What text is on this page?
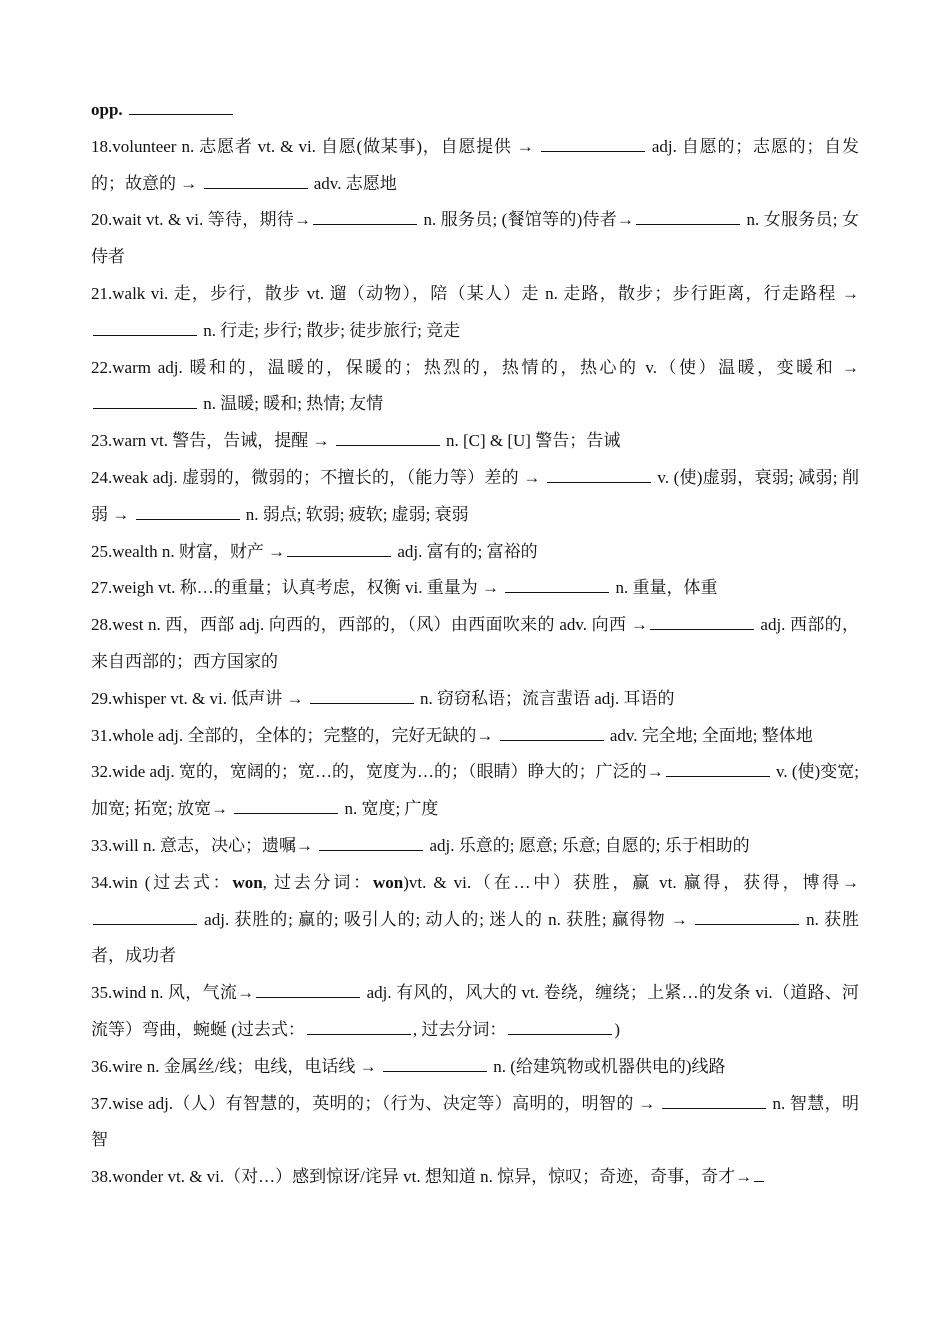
opp.

18.volunteer n. 志愿者 vt. & vi. 自愿(做某事)，自愿提供 →	adj. 自愿的；志愿的；自发的；故意的 →	adv. 志愿地

20.wait vt. & vi. 等待，期待→	n. 服务员; (餐馆等的)侍者→	n. 女服务员; 女侍者

21.walk vi. 走，步行，散步 vt. 遛（动物），陪（某人）走 n. 走路，散步；步行距离，行走路程 → n. 行走; 步行; 散步; 徒步旅行; 竞走

22.warm adj. 暖和的，温暖的，保暖的；热烈的，热情的，热心的 v.（使）温暖，变暖和 →  n. 温暖; 暖和; 热情; 友情

23.warn vt. 警告，告诫，提醒 →	n. [C] & [U] 警告；告诫

24.weak adj. 虚弱的，微弱的；不擅长的，（能力等）差的 →	v. (使)虚弱，衰弱; 减弱; 削弱 →	n. 弱点; 软弱; 疲软; 虚弱; 衰弱

25.wealth n. 财富，财产 →	adj. 富有的; 富裕的

27.weigh vt. 称…的重量；认真考虑，权衡 vi. 重量为 →	n. 重量，体重

28.west n. 西，西部 adj. 向西的，西部的，（风）由西面吹来的 adv. 向西 →	adj. 西部的，来自西部的；西方国家的

29.whisper vt. & vi. 低声讲 →	n. 窃窃私语；流言蜚语 adj. 耳语的

31.whole adj. 全部的，全体的；完整的，完好无缺的→	adv. 完全地; 全面地; 整体地

32.wide adj. 宽的，宽阔的；宽…的，宽度为…的；（眼睛）睁大的；广泛的→	v. (使)变宽; 加宽; 拓宽; 放宽→	n. 宽度; 广度

33.will n. 意志，决心；遗嘱→	adj. 乐意的; 愿意; 乐意; 自愿的; 乐于相助的

34.win (过去式：won, 过去分词：won)vt. & vi.（在…中）获胜，赢 vt. 赢得，获得，博得→ adj. 获胜的; 赢的; 吸引人的; 动人的; 迷人的 n. 获胜; 赢得物 →	n. 获胜者，成功者

35.wind n. 风，气流→	adj. 有风的，风大的 vt. 卷绕，缠绕；上紧…的发条 vi.（道路、河流等）弯曲，蜿蜒 (过去式：	, 过去分词：	)

36.wire n. 金属丝/线；电线，电话线 →	n. (给建筑物或机器供电的)线路

37.wise adj.（人）有智慧的，英明的；（行为、决定等）高明的，明智的 →	n. 智慧，明智

38.wonder vt. & vi.（对…）感到惊讶/诧异 vt. 想知道 n. 惊异，惊叹；奇迹，奇事，奇才→
